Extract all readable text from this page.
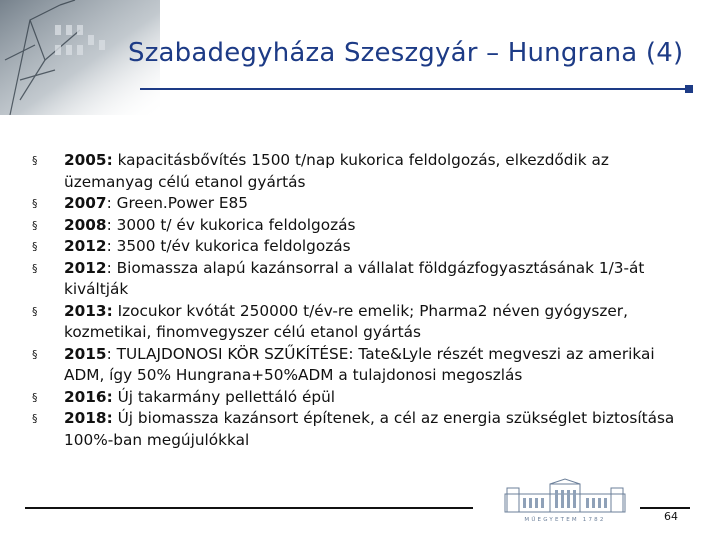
Szabadegyháza Szeszgyár – Hungrana (4)
§ 2005: kapacitásbővítés 1500 t/nap kukorica feldolgozás, elkezdődik az üzemanyag célú etanol gyártás
§ 2007: Green.Power E85
§ 2008: 3000 t/ év kukorica feldolgozás
§ 2012: 3500 t/év kukorica feldolgozás
§ 2012: Biomassza alapú kazánsorral a vállalat földgázfogyasztásának 1/3-át kiváltják
§ 2013: Izocukor kvótát 250000 t/év-re emelik; Pharma2 néven gyógyszer, kozmetikai, finomvegyszer célú etanol gyártás
§ 2015: TULAJDONOSI KÖR SZŰKÍTÉSE: Tate&Lyle részét megveszi az amerikai ADM, így 50% Hungrana+50%ADM a tulajdonosi megoszlás
§ 2016: Új takarmány pellettáló épül
§ 2018: Új biomassza kazánsort építenek, a cél az energia szükséglet biztosítása 100%-ban megújulókkal
MŰEGYETEM 1782	64
